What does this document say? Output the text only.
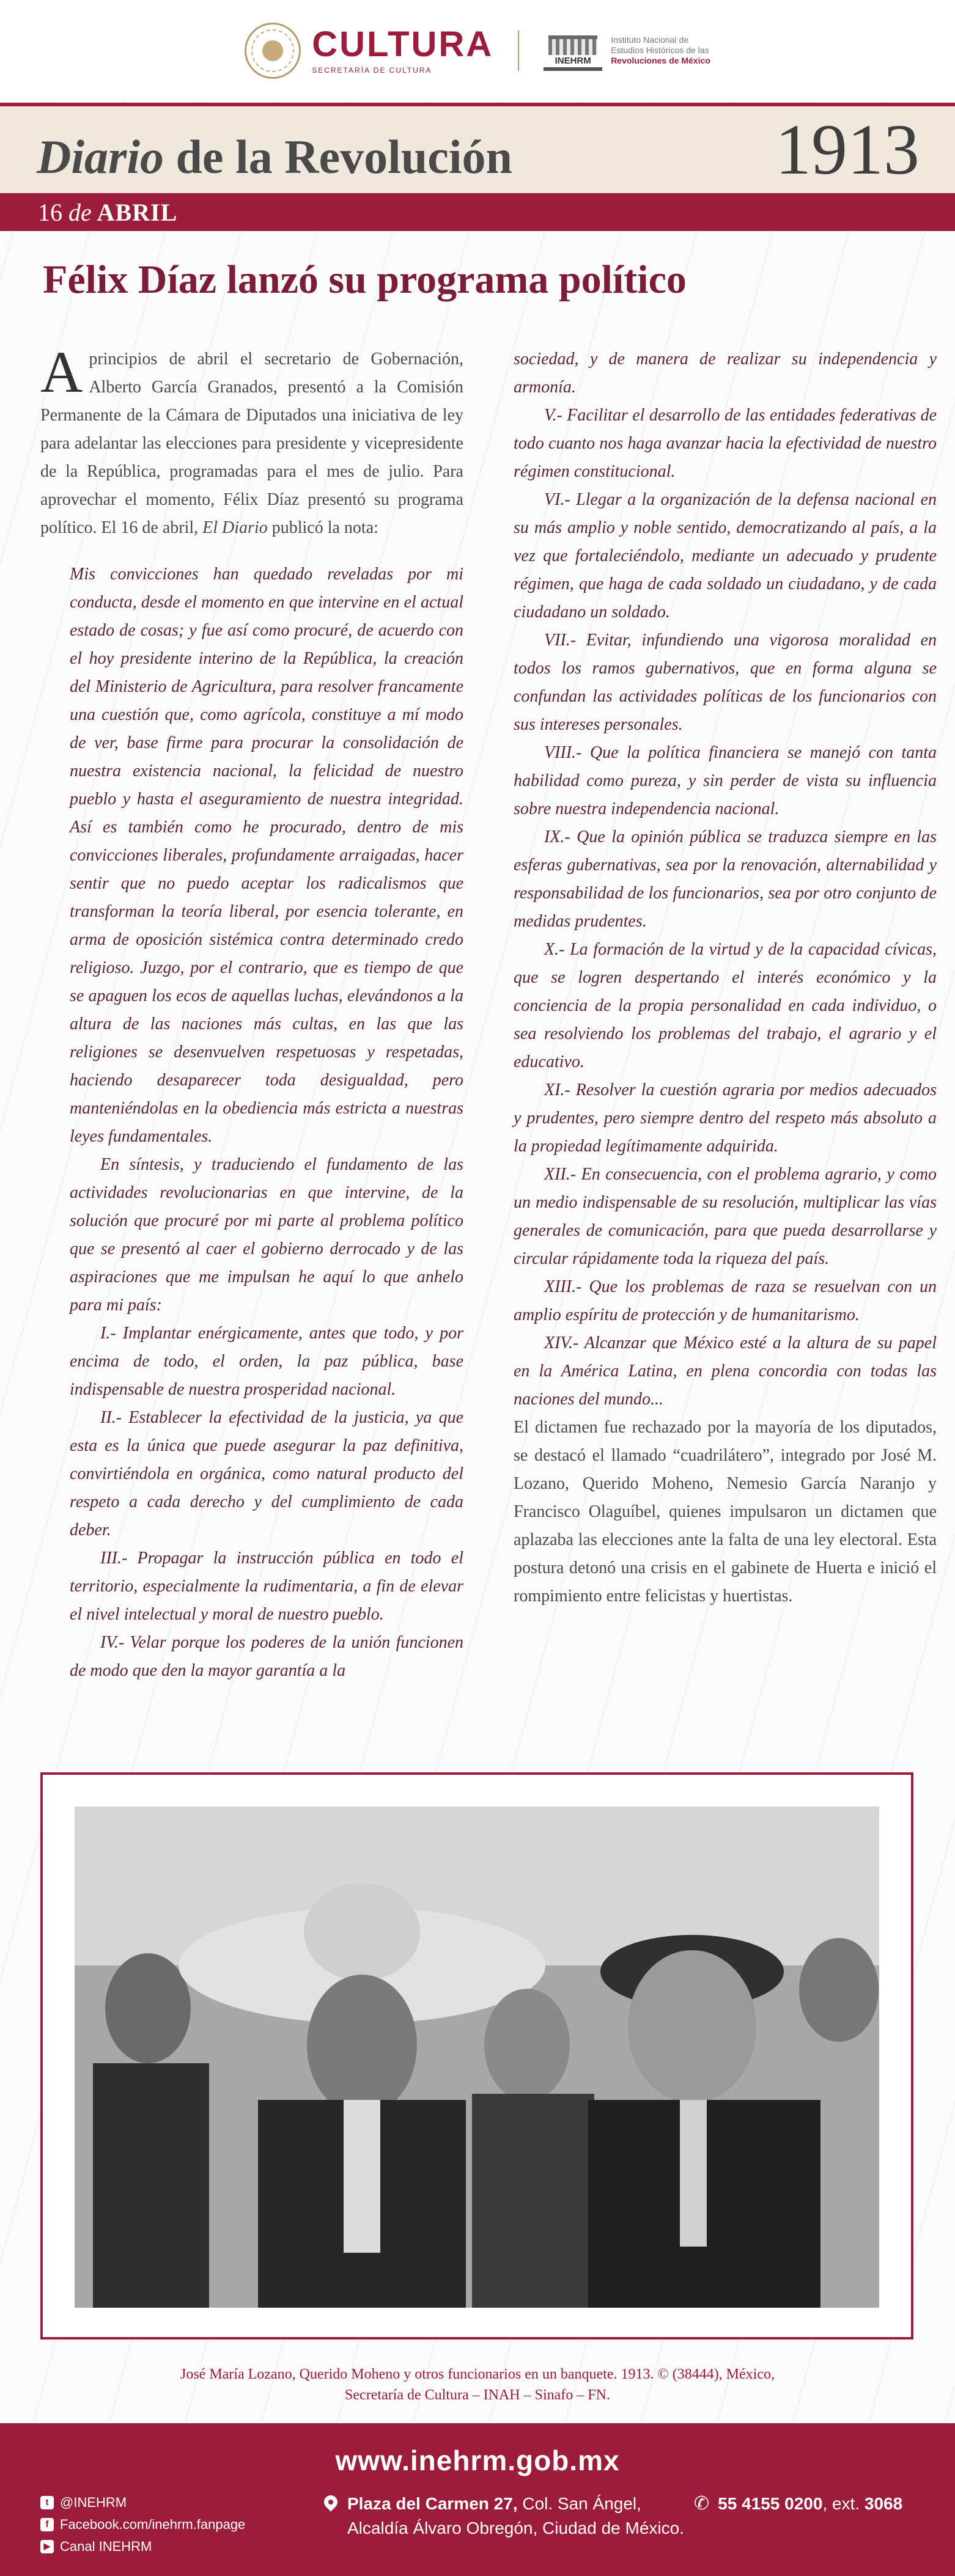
CULTURA
SECRETARÍA DE CULTURA
INEHRM
Instituto Nacional de
Estudios Históricos de las
Revoluciones de México
Diario de la Revolución	1913
16 de ABRIL
Félix Díaz lanzó su programa político

Aprincipios de abril el secretario de Gobernación, Alberto García Granados, presentó a la Comisión Permanente de la Cámara de Diputados una iniciativa de ley para adelantar las elecciones para presidente y vicepresidente de la República, programadas para el mes de julio. Para aprovechar el momento, Félix Díaz presentó su programa político. El 16 de abril, El Diario publicó la nota:

Mis convicciones han quedado reveladas por mi conducta, desde el momento en que intervine en el actual estado de cosas; y fue así como procuré, de acuerdo con el hoy presidente interino de la República, la creación del Ministerio de Agricultura, para resolver francamente una cuestión que, como agrícola, constituye a mí modo de ver, base firme para procurar la consolidación de nuestra existencia nacional, la felicidad de nuestro pueblo y hasta el aseguramiento de nuestra integridad. Así es también como he procurado, dentro de mis convicciones liberales, profundamente arraigadas, hacer sentir que no puedo aceptar los radicalismos que transforman la teoría liberal, por esencia tolerante, en arma de oposición sistémica contra determinado credo religioso. Juzgo, por el contrario, que es tiempo de que se apaguen los ecos de aquellas luchas, elevándonos a la altura de las naciones más cultas, en las que las religiones se desenvuelven respetuosas y respetadas, haciendo desaparecer toda desigualdad, pero manteniéndolas en la obediencia más estricta a nuestras leyes fundamentales.

En síntesis, y traduciendo el fundamento de las actividades revolucionarias en que intervine, de la solución que procuré por mi parte al problema político que se presentó al caer el gobierno derrocado y de las aspiraciones que me impulsan he aquí lo que anhelo para mi país:

I.- Implantar enérgicamente, antes que todo, y por encima de todo, el orden, la paz pública, base indispensable de nuestra prosperidad nacional.

II.- Establecer la efectividad de la justicia, ya que esta es la única que puede asegurar la paz definitiva, convirtiéndola en orgánica, como natural producto del respeto a cada derecho y del cumplimiento de cada deber.

III.- Propagar la instrucción pública en todo el territorio, especialmente la rudimentaria, a fin de elevar el nivel intelectual y moral de nuestro pueblo.

IV.- Velar porque los poderes de la unión funcionen de modo que den la mayor garantía a la

sociedad, y de manera de realizar su independencia y armonía.

V.- Facilitar el desarrollo de las entidades federativas de todo cuanto nos haga avanzar hacia la efectividad de nuestro régimen constitucional.

VI.- Llegar a la organización de la defensa nacional en su más amplio y noble sentido, democratizando al país, a la vez que fortaleciéndolo, mediante un adecuado y prudente régimen, que haga de cada soldado un ciudadano, y de cada ciudadano un soldado.

VII.- Evitar, infundiendo una vigorosa moralidad en todos los ramos gubernativos, que en forma alguna se confundan las actividades políticas de los funcionarios con sus intereses personales.

VIII.- Que la política financiera se manejó con tanta habilidad como pureza, y sin perder de vista su influencia sobre nuestra independencia nacional.

IX.- Que la opinión pública se traduzca siempre en las esferas gubernativas, sea por la renovación, alternabilidad y responsabilidad de los funcionarios, sea por otro conjunto de medidas prudentes.

X.- La formación de la virtud y de la capacidad cívicas, que se logren despertando el interés económico y la conciencia de la propia personalidad en cada individuo, o sea resolviendo los problemas del trabajo, el agrario y el educativo.

XI.- Resolver la cuestión agraria por medios adecuados y prudentes, pero siempre dentro del respeto más absoluto a la propiedad legítimamente adquirida.

XII.- En consecuencia, con el problema agrario, y como un medio indispensable de su resolución, multiplicar las vías generales de comunicación, para que pueda desarrollarse y circular rápidamente toda la riqueza del país.

XIII.- Que los problemas de raza se resuelvan con un amplio espíritu de protección y de humanitarismo.

XIV.- Alcanzar que México esté a la altura de su papel en la América Latina, en plena concordia con todas las naciones del mundo...

El dictamen fue rechazado por la mayoría de los diputados, se destacó el llamado “cuadrilátero”, integrado por José M. Lozano, Querido Moheno, Nemesio García Naranjo y Francisco Olaguíbel, quienes impulsaron un dictamen que aplazaba las elecciones ante la falta de una ley electoral. Esta postura detonó una crisis en el gabinete de Huerta e inició el rompimiento entre felicistas y huertistas.

José María Lozano, Querido Moheno y otros funcionarios en un banquete. 1913. © (38444), México,
Secretaría de Cultura – INAH – Sinafo – FN.
www.inehrm.gob.mx
t @INEHRM
f Facebook.com/inehrm.fanpage
▶ Canal INEHRM
Plaza del Carmen 27, Col. San Ángel,
Alcaldía Álvaro Obregón, Ciudad de México.
✆ 55 4155 0200, ext. 3068
